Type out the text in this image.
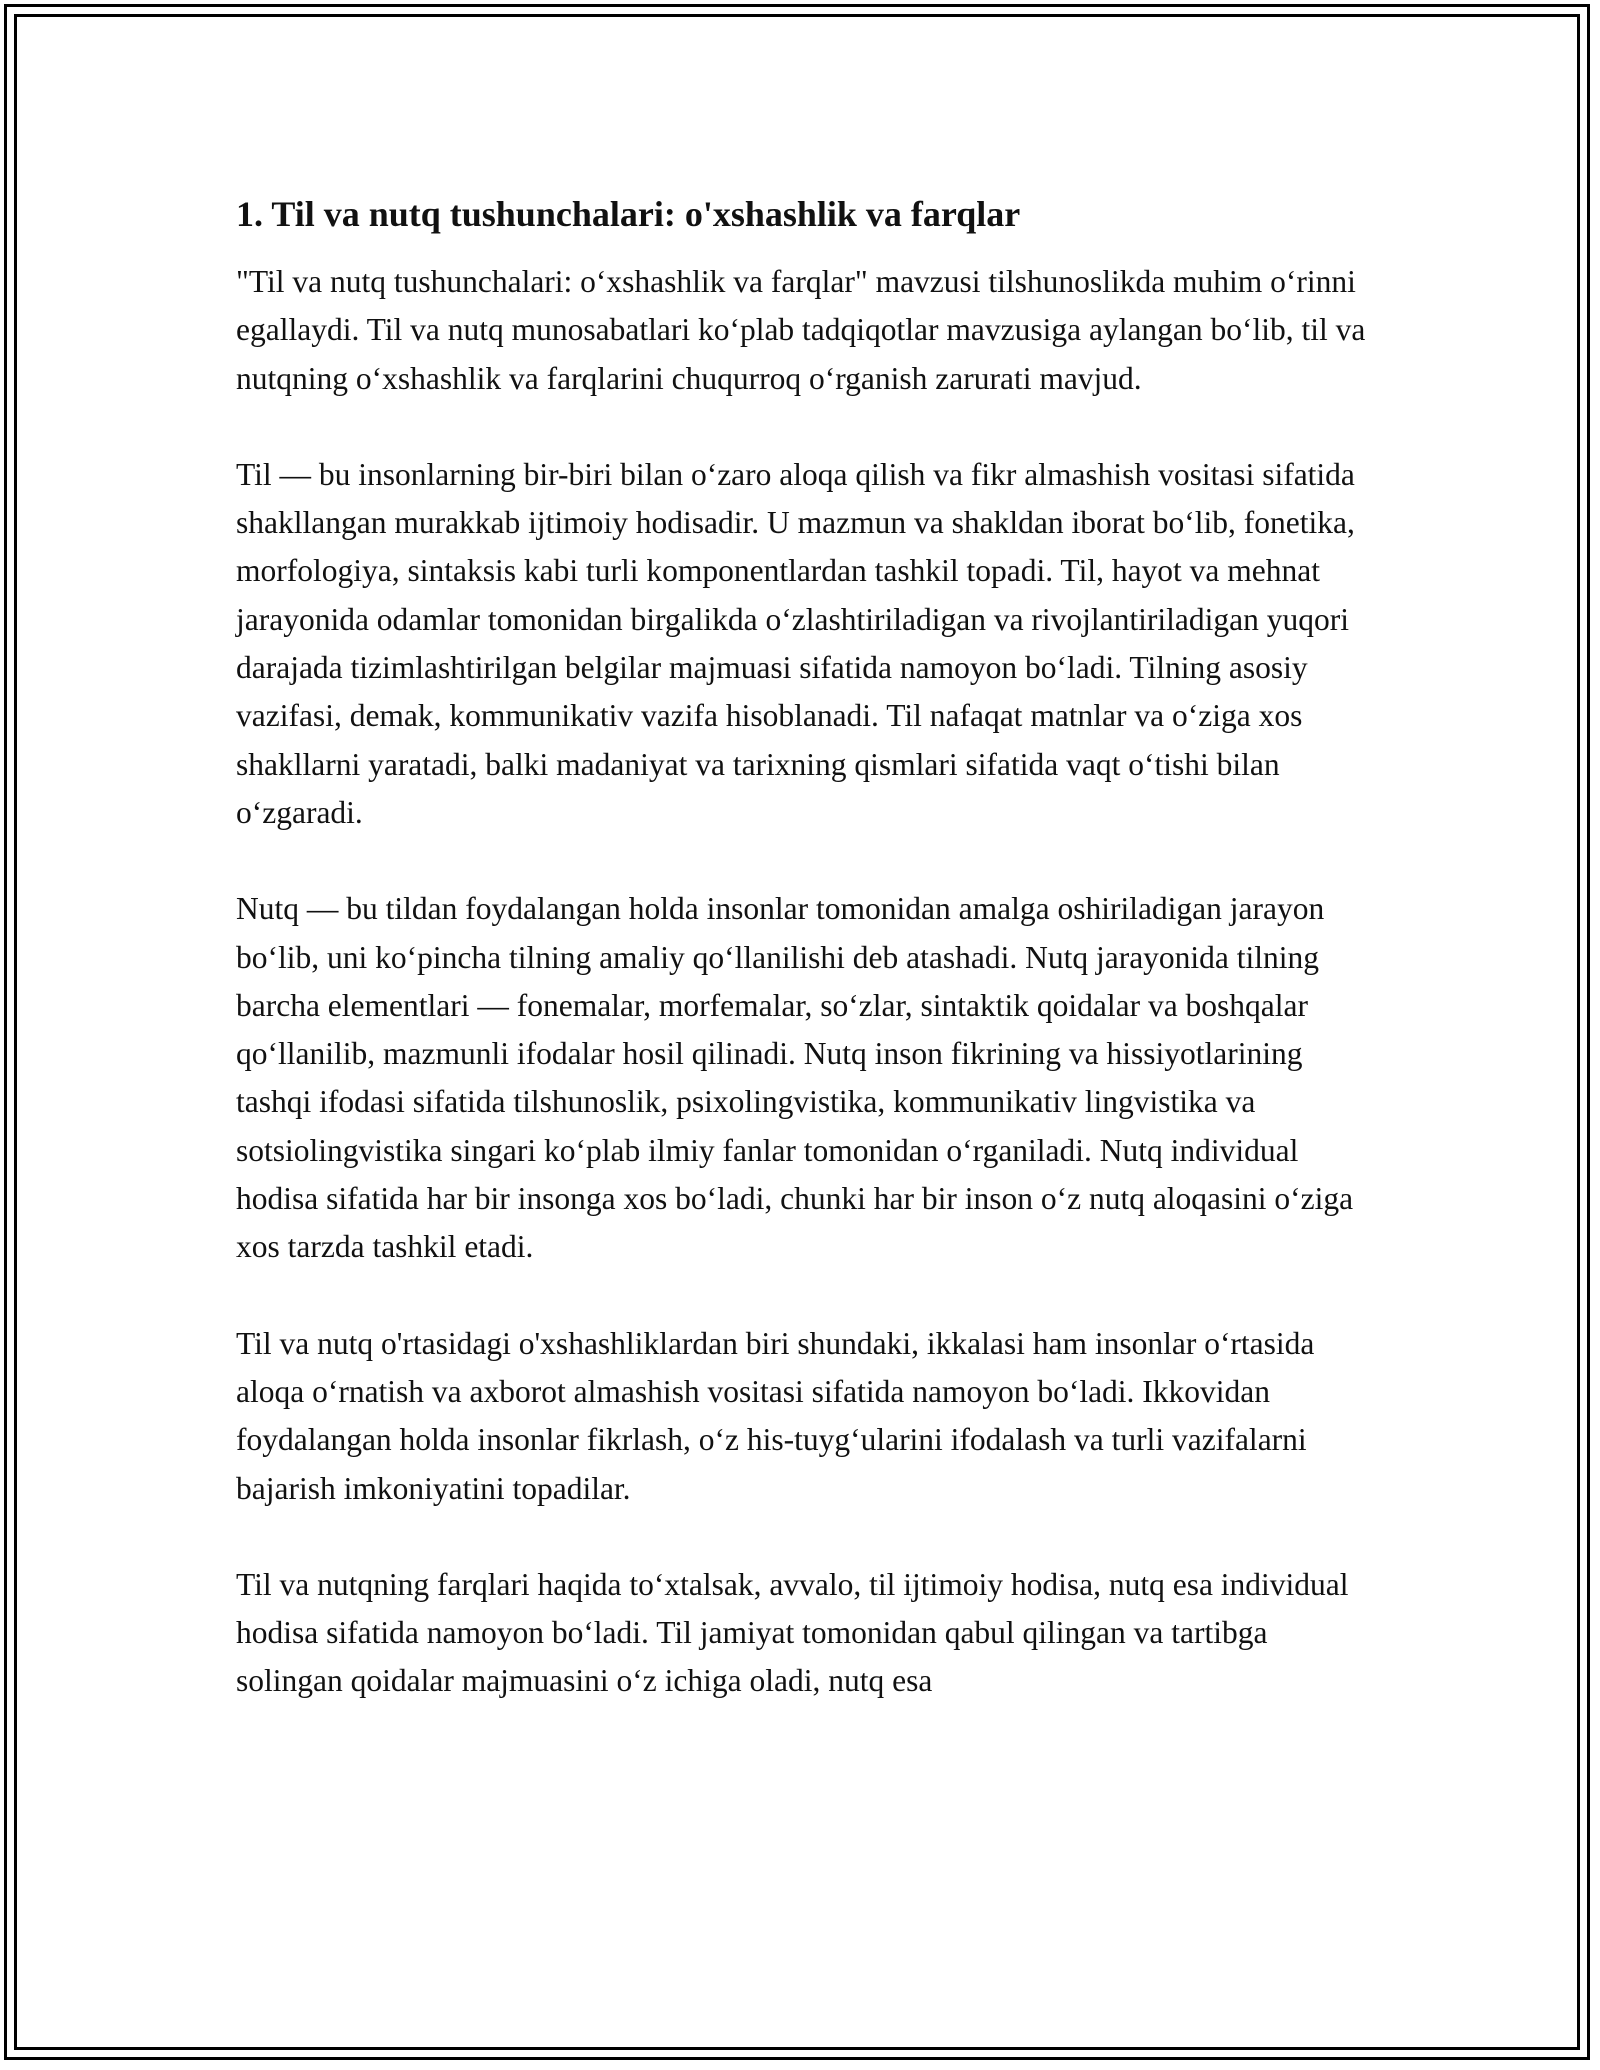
1. Til va nutq tushunchalari: o'xshashlik va farqlar

"Til va nutq tushunchalari: oʻxshashlik va farqlar" mavzusi tilshunoslikda muhim oʻrinni egallaydi. Til va nutq munosabatlari koʻplab tadqiqotlar mavzusiga aylangan boʻlib, til va nutqning oʻxshashlik va farqlarini chuqurroq oʻrganish zarurati mavjud.

Til — bu insonlarning bir-biri bilan oʻzaro aloqa qilish va fikr almashish vositasi sifatida shakllangan murakkab ijtimoiy hodisadir. U mazmun va shakldan iborat boʻlib, fonetika, morfologiya, sintaksis kabi turli komponentlardan tashkil topadi. Til, hayot va mehnat jarayonida odamlar tomonidan birgalikda oʻzlashtiriladigan va rivojlantiriladigan yuqori darajada tizimlashtirilgan belgilar majmuasi sifatida namoyon boʻladi. Tilning asosiy vazifasi, demak, kommunikativ vazifa hisoblanadi. Til nafaqat matnlar va oʻziga xos shakllarni yaratadi, balki madaniyat va tarixning qismlari sifatida vaqt oʻtishi bilan oʻzgaradi.

Nutq — bu tildan foydalangan holda insonlar tomonidan amalga oshiriladigan jarayon boʻlib, uni koʻpincha tilning amaliy qoʻllanilishi deb atashadi. Nutq jarayonida tilning barcha elementlari — fonemalar, morfemalar, soʻzlar, sintaktik qoidalar va boshqalar qoʻllanilib, mazmunli ifodalar hosil qilinadi. Nutq inson fikrining va hissiyotlarining tashqi ifodasi sifatida tilshunoslik, psixolingvistika, kommunikativ lingvistika va sotsiolingvistika singari koʻplab ilmiy fanlar tomonidan oʻrganiladi. Nutq individual hodisa sifatida har bir insonga xos boʻladi, chunki har bir inson oʻz nutq aloqasini oʻziga xos tarzda tashkil etadi.

Til va nutq o'rtasidagi o'xshashliklardan biri shundaki, ikkalasi ham insonlar oʻrtasida aloqa oʻrnatish va axborot almashish vositasi sifatida namoyon boʻladi. Ikkovidan foydalangan holda insonlar fikrlash, oʻz his-tuygʻularini ifodalash va turli vazifalarni bajarish imkoniyatini topadilar.

Til va nutqning farqlari haqida toʻxtalsak, avvalo, til ijtimoiy hodisa, nutq esa individual hodisa sifatida namoyon boʻladi. Til jamiyat tomonidan qabul qilingan va tartibga solingan qoidalar majmuasini oʻz ichiga oladi, nutq esa
